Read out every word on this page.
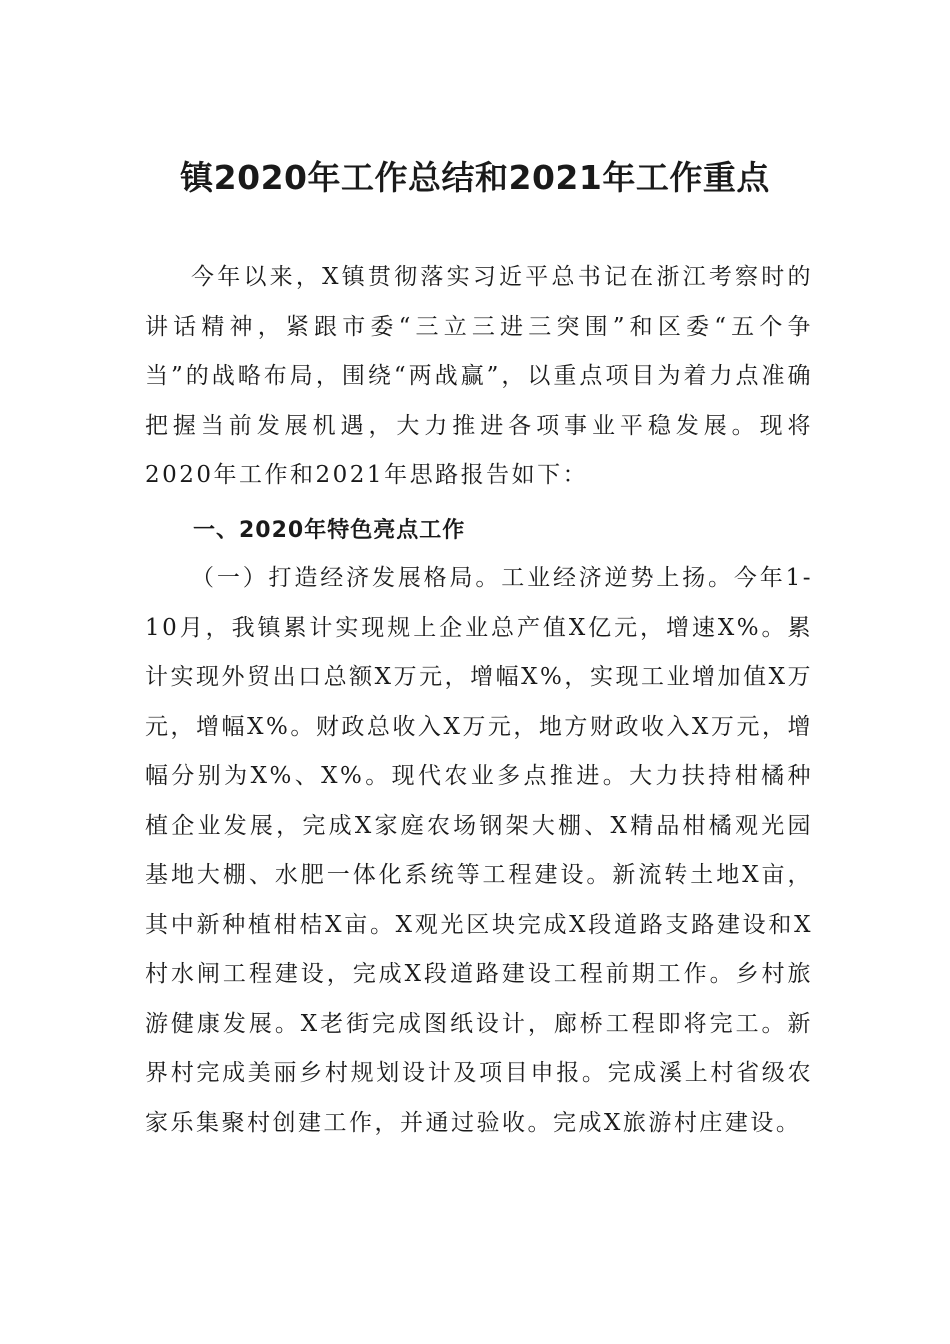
镇2020年工作总结和2021年工作重点

今年以来，X镇贯彻落实习近平总书记在浙江考察时的讲话精神，紧跟市委“三立三进三突围”和区委“五个争当”的战略布局，围绕“两战赢”，以重点项目为着力点准确把握当前发展机遇，大力推进各项事业平稳发展。现将2020年工作和2021年思路报告如下：

一、2020年特色亮点工作

（一）打造经济发展格局。工业经济逆势上扬。今年1-10月，我镇累计实现规上企业总产值X亿元，增速X%。累计实现外贸出口总额X万元，增幅X%，实现工业增加值X万元，增幅X%。财政总收入X万元，地方财政收入X万元，增幅分别为X%、X%。现代农业多点推进。大力扶持柑橘种植企业发展，完成X家庭农场钢架大棚、X精品柑橘观光园基地大棚、水肥一体化系统等工程建设。新流转土地X亩，其中新种植柑桔X亩。X观光区块完成X段道路支路建设和X村水闸工程建设，完成X段道路建设工程前期工作。乡村旅游健康发展。X老街完成图纸设计，廊桥工程即将完工。新界村完成美丽乡村规划设计及项目申报。完成溪上村省级农家乐集聚村创建工作，并通过验收。完成X旅游村庄建设。
